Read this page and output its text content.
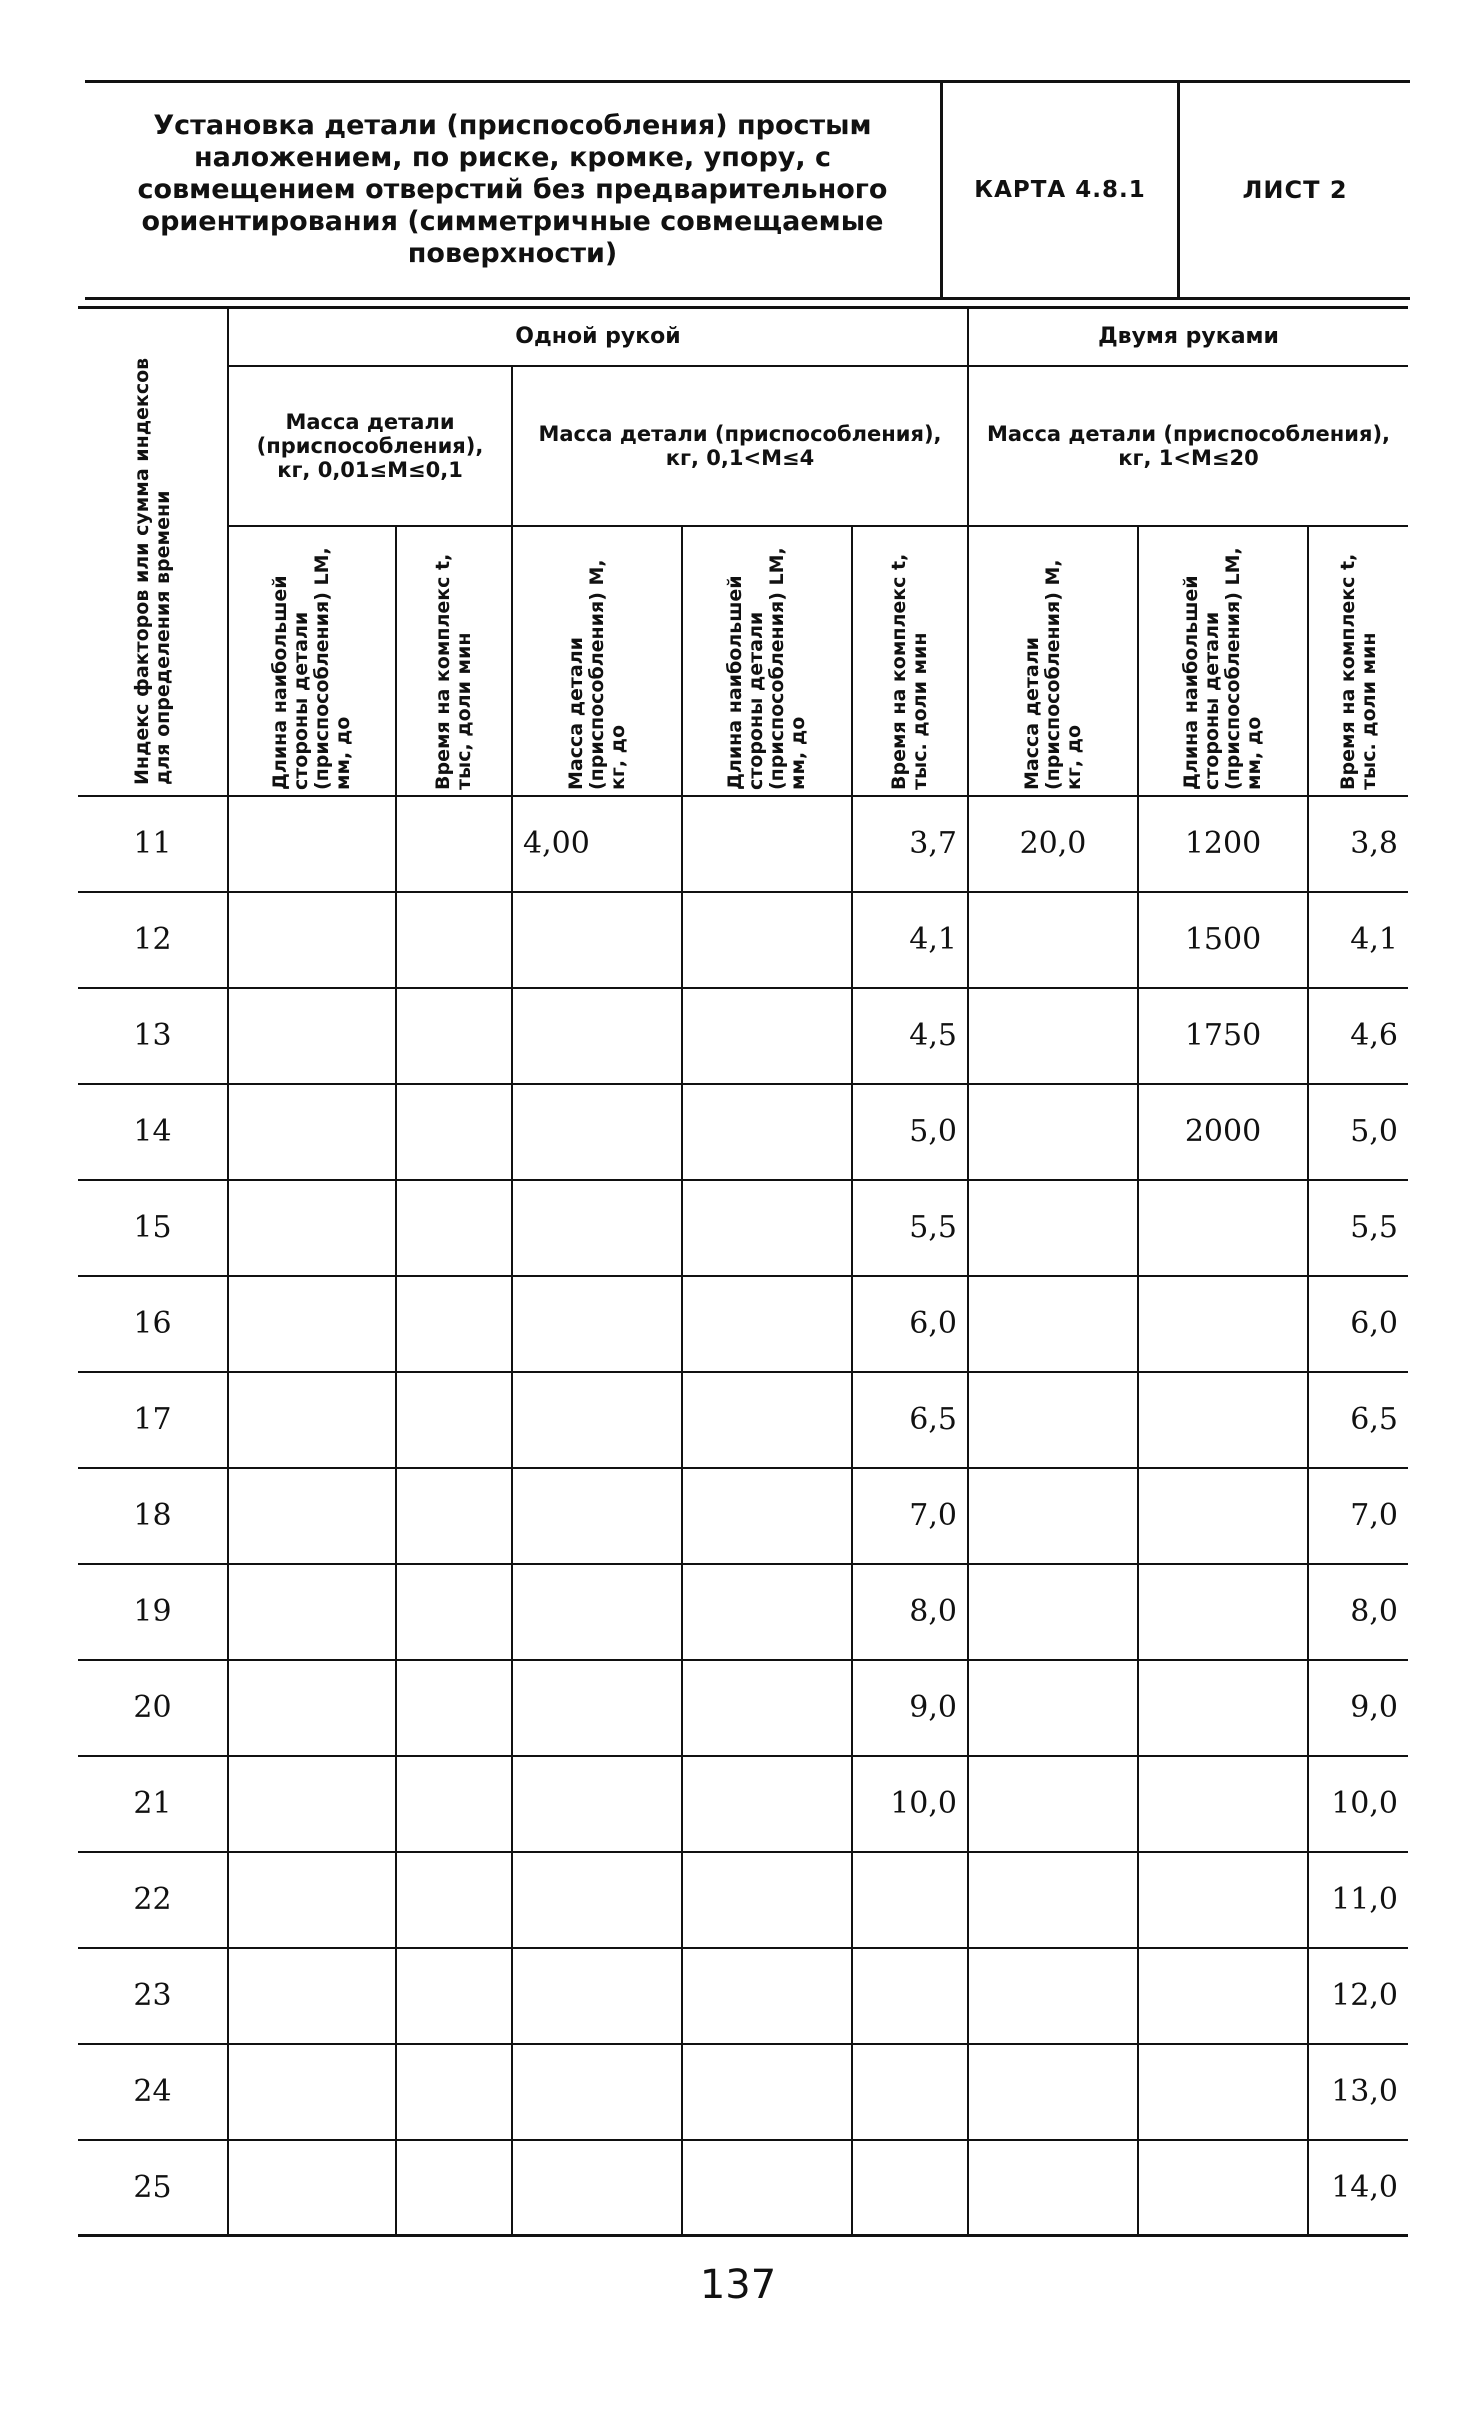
Установка детали (приспособления) простым наложением, по риске, кромке, упору, с совмещением отверстий без предварительного ориентирования (симметричные совмещаемые поверхности)
КАРТА 4.8.1	ЛИСТ 2
Индекс факторов или сумма индексов для определения времени	Одной рукой					Двумя руками		
	Масса детали (приспособления), кг, 0,01≤M≤0,1		Масса детали (приспособления), кг, 0,1<M≤4			Масса детали (приспособления), кг, 1<M≤20		
	Длина наибольшей стороны детали (приспособления) LM, мм, до	Время на комплекс t, тыс, доли мин	Масса детали (приспособления) M, кг, до	Длина наибольшей стороны детали (приспособления) LM, мм, до	Время на комплекс t, тыс. доли мин	Масса детали (приспособления) M, кг, до	Длина наибольшей стороны детали (приспособления) LM, мм, до	Время на комплекс t, тыс. доли мин
11			4,00		3,7	20,0	1200	3,8
12					4,1		1500	4,1
13					4,5		1750	4,6
14					5,0		2000	5,0
15					5,5			5,5
16					6,0			6,0
17					6,5			6,5
18					7,0			7,0
19					8,0			8,0
20					9,0			9,0
21					10,0			10,0
22								11,0
23								12,0
24								13,0
25								14,0
137
